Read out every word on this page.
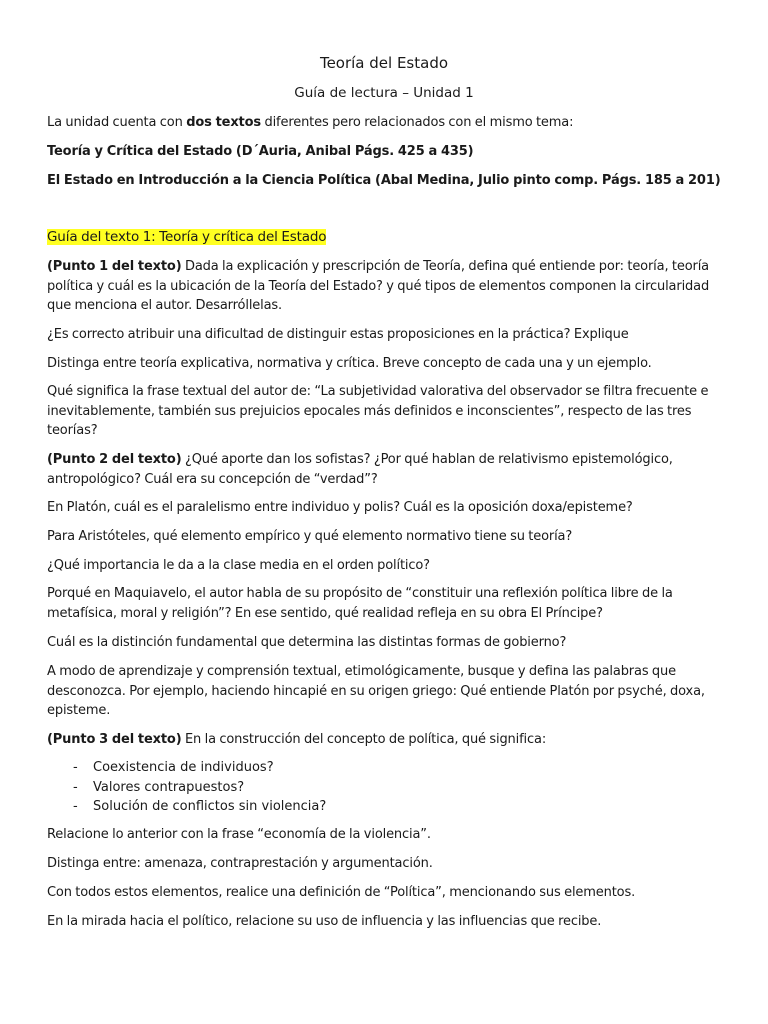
Teoría del Estado
Guía de lectura – Unidad 1
La unidad cuenta con dos textos diferentes pero relacionados con el mismo tema:
Teoría y Crítica del Estado (D´Auria, Anibal Págs. 425 a 435)
El Estado en Introducción a la Ciencia Política (Abal Medina, Julio pinto comp. Págs. 185 a 201)
Guía del texto 1: Teoría y crítica del Estado
(Punto 1 del texto) Dada la explicación y prescripción de Teoría, defina qué entiende por: teoría, teoría política y cuál es la ubicación de la Teoría del Estado? y qué tipos de elementos componen la circularidad que menciona el autor. Desarróllelas.
¿Es correcto atribuir una dificultad de distinguir estas proposiciones en la práctica? Explique
Distinga entre teoría explicativa, normativa y crítica. Breve concepto de cada una y un ejemplo.
Qué significa la frase textual del autor de: “La subjetividad valorativa del observador se filtra frecuente e inevitablemente, también sus prejuicios epocales más definidos e inconscientes”, respecto de las tres teorías?
(Punto 2 del texto) ¿Qué aporte dan los sofistas? ¿Por qué hablan de relativismo epistemológico, antropológico? Cuál era su concepción de “verdad”?
En Platón, cuál es el paralelismo entre individuo y polis? Cuál es la oposición doxa/episteme?
Para Aristóteles, qué elemento empírico y qué elemento normativo tiene su teoría?
¿Qué importancia le da a la clase media en el orden político?
Porqué en Maquiavelo, el autor habla de su propósito de “constituir una reflexión política libre de la metafísica, moral y religión”? En ese sentido, qué realidad refleja en su obra El Príncipe?
Cuál es la distinción fundamental que determina las distintas formas de gobierno?
A modo de aprendizaje y comprensión textual, etimológicamente, busque y defina las palabras que desconozca. Por ejemplo, haciendo hincapié en su origen griego: Qué entiende Platón por psyché, doxa, episteme.
(Punto 3 del texto) En la construcción del concepto de política, qué significa:
- Coexistencia de individuos?
- Valores contrapuestos?
- Solución de conflictos sin violencia?
Relacione lo anterior con la frase “economía de la violencia”.
Distinga entre: amenaza, contraprestación y argumentación.
Con todos estos elementos, realice una definición de “Política”, mencionando sus elementos.
En la mirada hacia el político, relacione su uso de influencia y las influencias que recibe.
